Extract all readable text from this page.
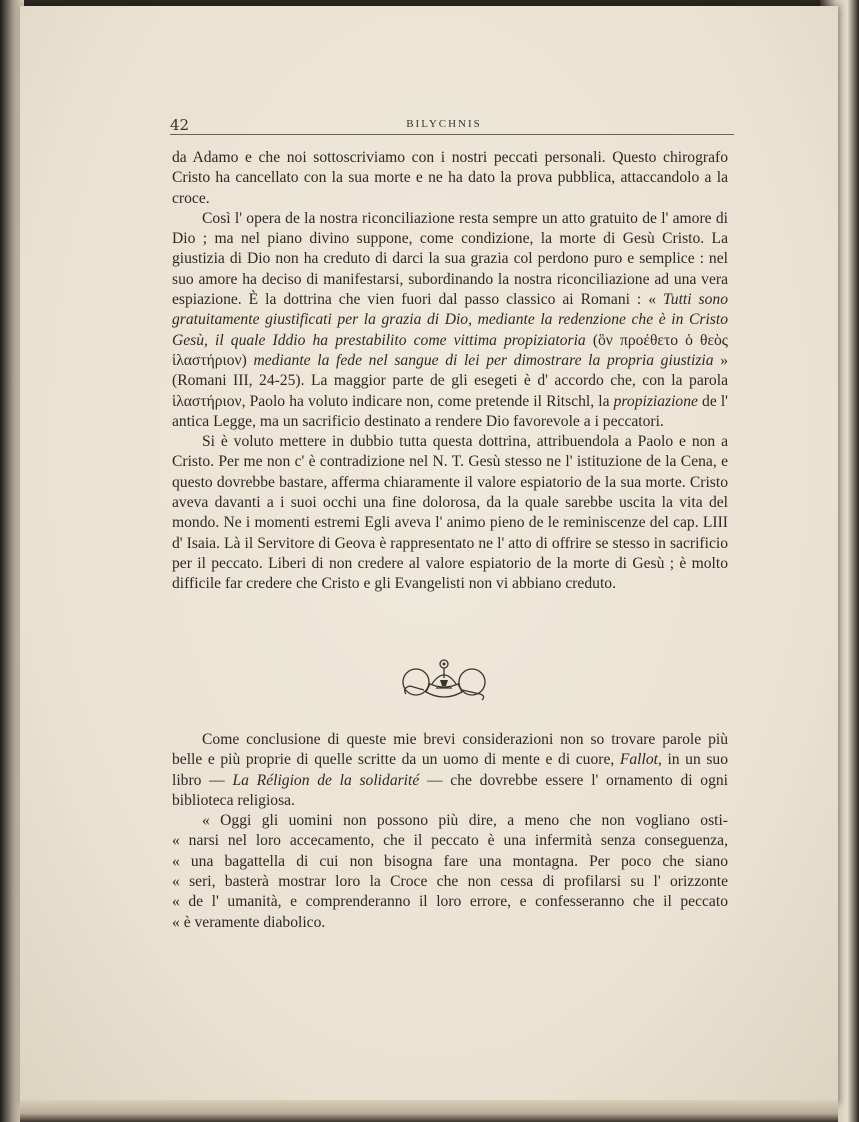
42	BILYCHNIS

da Adamo e che noi sottoscriviamo con i nostri peccati personali. Questo chirografo Cristo ha cancellato con la sua morte e ne ha dato la prova pubblica, attaccandolo a la croce.

Così l' opera de la nostra riconciliazione resta sempre un atto gratuito de l' amore di Dio ; ma nel piano divino suppone, come condizione, la morte di Gesù Cristo. La giustizia di Dio non ha creduto di darci la sua grazia col perdono puro e semplice : nel suo amore ha deciso di manifestarsi, subordinando la nostra riconciliazione ad una vera espiazione. È la dottrina che vien fuori dal passo classico ai Romani : « Tutti sono gratuitamente giustificati per la grazia di Dio, mediante la redenzione che è in Cristo Gesù, il quale Iddio ha prestabilito come vittima propiziatoria (ὃν προέθετο ὁ θεὸς ἱλαστήριον) mediante la fede nel sangue di lei per dimostrare la propria giustizia » (Romani III, 24-25). La maggior parte de gli esegeti è d' accordo che, con la parola ἱλαστήριον, Paolo ha voluto indicare non, come pretende il Ritschl, la propiziazione de l' antica Legge, ma un sacrificio destinato a rendere Dio favorevole a i peccatori.

Si è voluto mettere in dubbio tutta questa dottrina, attribuendola a Paolo e non a Cristo. Per me non c' è contradizione nel N. T. Gesù stesso ne l' istituzione de la Cena, e questo dovrebbe bastare, afferma chiaramente il valore espiatorio de la sua morte. Cristo aveva davanti a i suoi occhi una fine dolorosa, da la quale sarebbe uscita la vita del mondo. Ne i momenti estremi Egli aveva l' animo pieno de le reminiscenze del cap. LIII d' Isaia. Là il Servitore di Geova è rappresentato ne l' atto di offrire se stesso in sacrificio per il peccato. Liberi di non credere al valore espiatorio de la morte di Gesù ; è molto difficile far credere che Cristo e gli Evangelisti non vi abbiano creduto.

Come conclusione di queste mie brevi considerazioni non so trovare parole più belle e più proprie di quelle scritte da un uomo di mente e di cuore, Fallot, in un suo libro — La Réligion de la solidarité — che dovrebbe essere l' ornamento di ogni biblioteca religiosa.

« Oggi gli uomini non possono più dire, a meno che non vogliano osti-
« narsi nel loro accecamento, che il peccato è una infermità senza conseguenza,
« una bagattella di cui non bisogna fare una montagna. Per poco che siano
« seri, basterà mostrar loro la Croce che non cessa di profilarsi su l' orizzonte
« de l' umanità, e comprenderanno il loro errore, e confesseranno che il peccato
« è veramente diabolico.
